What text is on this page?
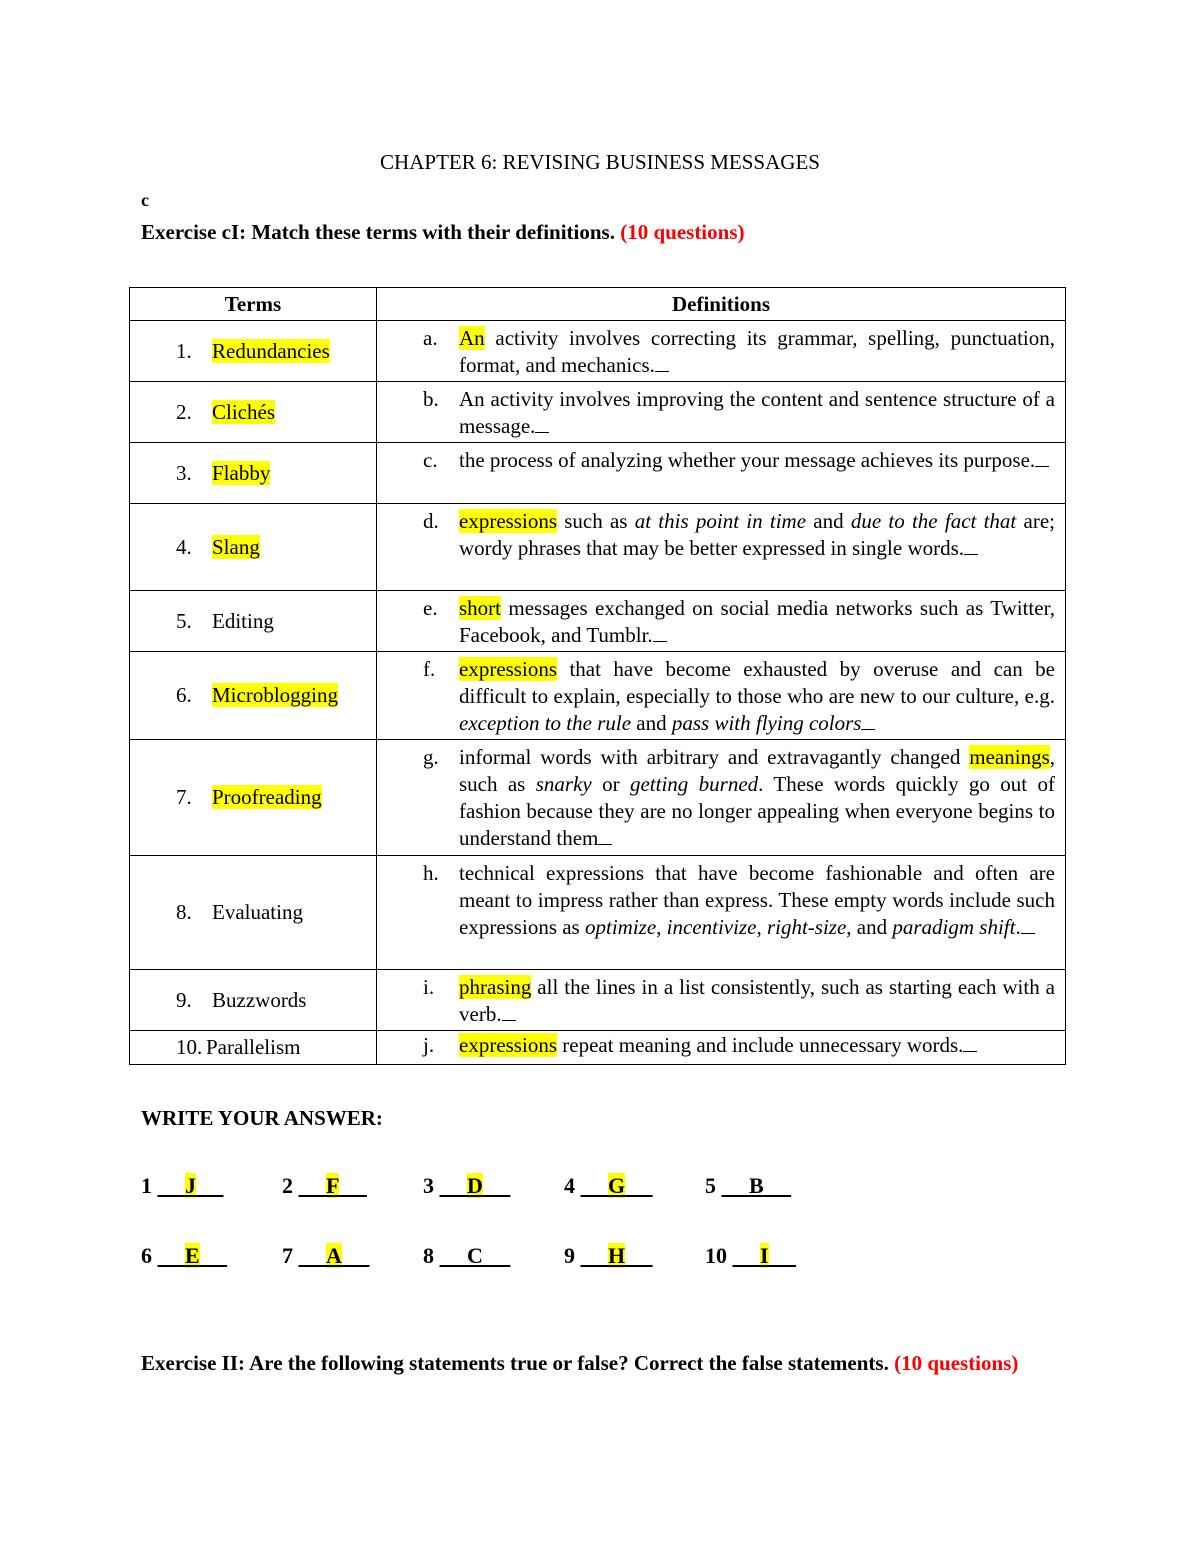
CHAPTER 6: REVISING BUSINESS MESSAGES
c
Exercise cI: Match these terms with their definitions. (10 questions)
Terms	Definitions
1. Redundancies	a. An activity involves correcting its grammar, spelling, punctuation, format, and mechanics.

2. Clichés	b. An activity involves improving the content and sentence structure of a message.

3. Flabby	c. the process of analyzing whether your message achieves its purpose.

4. Slang	d. expressions such as at this point in time and due to the fact that are; wordy phrases that may be better expressed in single words.

5. Editing	e. short messages exchanged on social media networks such as Twitter, Facebook, and Tumblr.

6. Microblogging	f. expressions that have become exhausted by overuse and can be difficult to explain, especially to those who are new to our culture, e.g. exception to the rule and pass with flying colors

7. Proofreading	g. informal words with arbitrary and extravagantly changed meanings, such as snarky or getting burned. These words quickly go out of fashion because they are no longer appealing when everyone begins to understand them

8. Evaluating	h. technical expressions that have become fashionable and often are meant to impress rather than express. These empty words include such expressions as optimize, incentivize, right-size, and paradigm shift.

9. Buzzwords	i. phrasing all the lines in a list consistently, such as starting each with a verb.

10. Parallelism	j. expressions repeat meaning and include unnecessary words.
WRITE YOUR ANSWER:
1      J	2      F	3      D	4      G	5      B
6      E	7      A	8      C	9      H	10      I
Exercise II: Are the following statements true or false? Correct the false statements. (10 questions)
